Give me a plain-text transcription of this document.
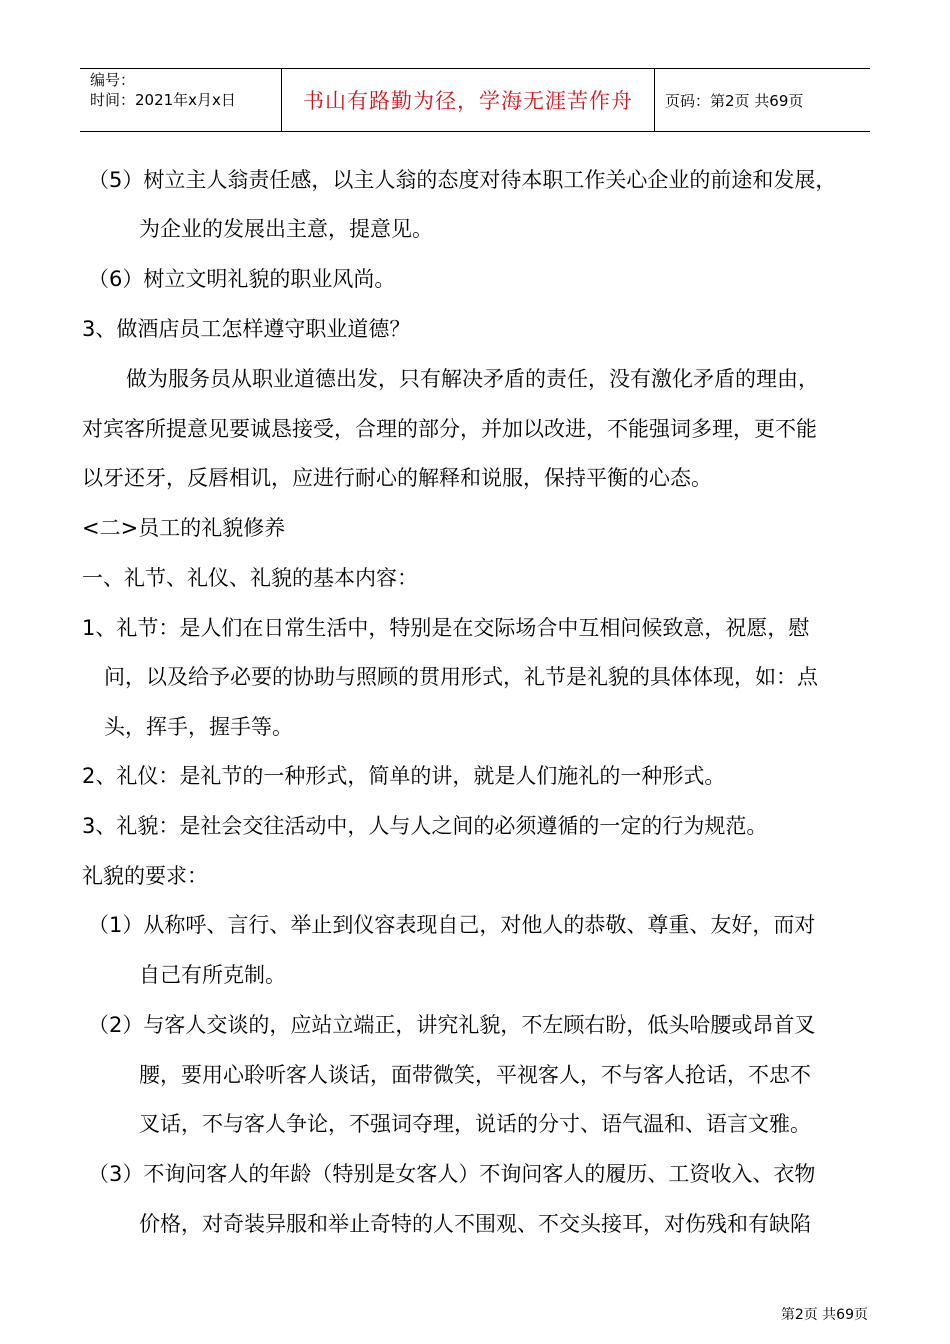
编号：
时间：2021年x月x日	书山有路勤为径，学海无涯苦作舟 页码：第2页 共69页
（5）树立主人翁责任感，以主人翁的态度对待本职工作关心企业的前途和发展，
为企业的发展出主意，提意见。
（6）树立文明礼貌的职业风尚。
3、做酒店员工怎样遵守职业道德？
做为服务员从职业道德出发，只有解决矛盾的责任，没有激化矛盾的理由，
对宾客所提意见要诚恳接受，合理的部分，并加以改进，不能强词多理，更不能
以牙还牙，反唇相讥，应进行耐心的解释和说服，保持平衡的心态。
<二>员工的礼貌修养
一、礼节、礼仪、礼貌的基本内容：
1、礼节：是人们在日常生活中，特别是在交际场合中互相问候致意，祝愿，慰
问，以及给予必要的协助与照顾的贯用形式，礼节是礼貌的具体体现，如：点
头，挥手，握手等。
2、礼仪：是礼节的一种形式，简单的讲，就是人们施礼的一种形式。
3、礼貌：是社会交往活动中，人与人之间的必须遵循的一定的行为规范。
礼貌的要求：
（1）从称呼、言行、举止到仪容表现自己，对他人的恭敬、尊重、友好，而对
自己有所克制。
（2）与客人交谈的，应站立端正，讲究礼貌，不左顾右盼，低头哈腰或昂首叉
腰，要用心聆听客人谈话，面带微笑，平视客人，不与客人抢话，不忠不
叉话，不与客人争论，不强词夺理，说话的分寸、语气温和、语言文雅。
（3）不询问客人的年龄（特别是女客人）不询问客人的履历、工资收入、衣物
价格，对奇装异服和举止奇特的人不围观、不交头接耳，对伤残和有缺陷
第2页 共69页
